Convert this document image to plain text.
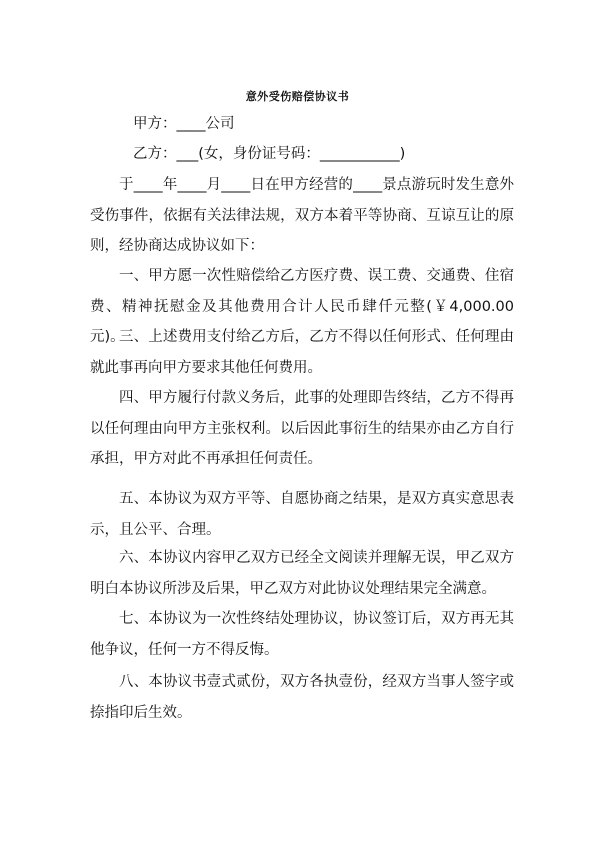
意外受伤赔偿协议书
甲方：____公司
乙方：___(女，身份证号码：___________)
于____年____月____日在甲方经营的____景点游玩时发生意外受伤事件，依据有关法律法规，双方本着平等协商、互谅互让的原则，经协商达成协议如下：
一、甲方愿一次性赔偿给乙方医疗费、误工费、交通费、住宿费、精神抚慰金及其他费用合计人民币肆仟元整(￥4,000.00 元)。
三、上述费用支付给乙方后，乙方不得以任何形式、任何理由就此事再向甲方要求其他任何费用。
四、甲方履行付款义务后，此事的处理即告终结，乙方不得再以任何理由向甲方主张权利。以后因此事衍生的结果亦由乙方自行承担，甲方对此不再承担任何责任。
五、本协议为双方平等、自愿协商之结果，是双方真实意思表示，且公平、合理。
六、本协议内容甲乙双方已经全文阅读并理解无误，甲乙双方明白本协议所涉及后果，甲乙双方对此协议处理结果完全满意。
七、本协议为一次性终结处理协议，协议签订后，双方再无其他争议，任何一方不得反悔。
八、本协议书壹式贰份，双方各执壹份，经双方当事人签字或捺指印后生效。
